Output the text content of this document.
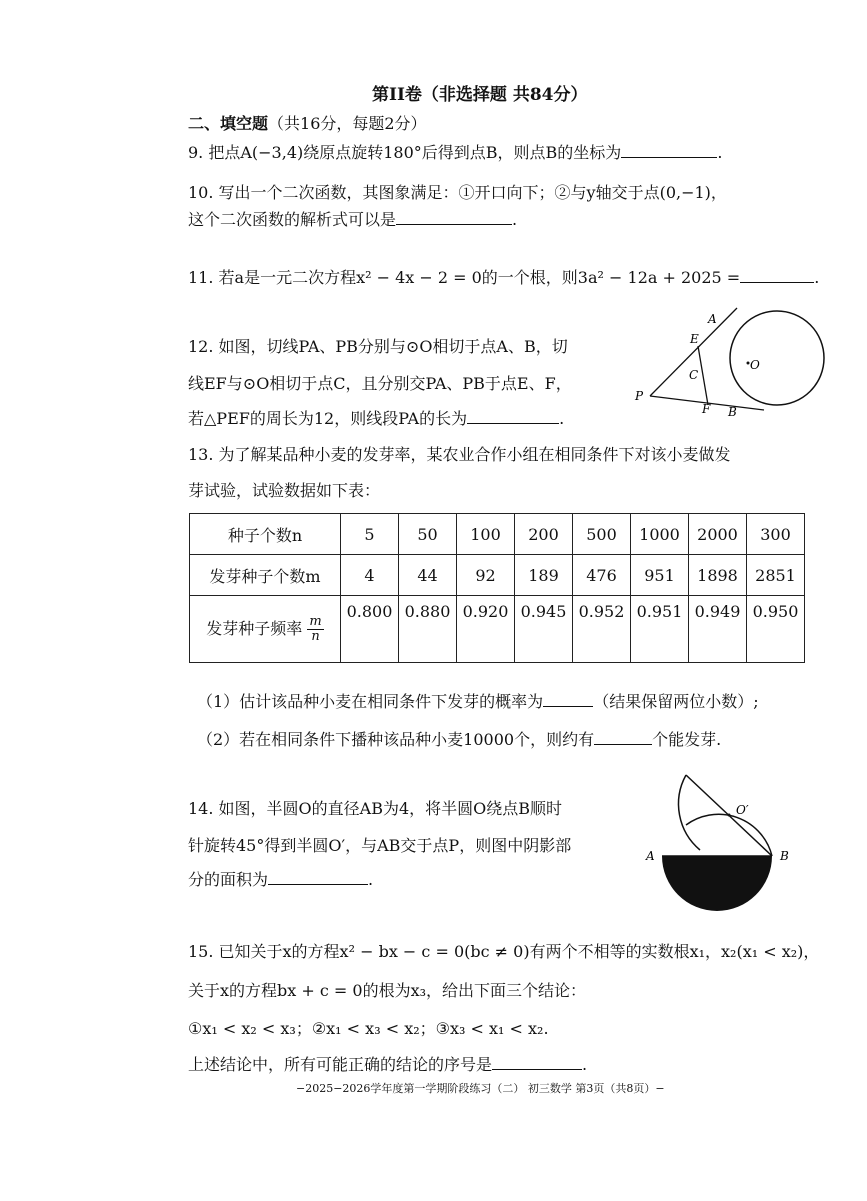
第II卷（非选择题 共84分）
二、填空题（共16分，每题2分）
9. 把点A(−3,4)绕原点旋转180°后得到点B，则点B的坐标为	.
10. 写出一个二次函数，其图象满足：①开口向下；②与y轴交于点(0,−1)，
这个二次函数的解析式可以是	.
11. 若a是一元二次方程x² − 4x − 2 = 0的一个根，则3a² − 12a + 2025 =	.
12. 如图，切线PA、PB分别与⊙O相切于点A、B，切
线EF与⊙O相切于点C，且分别交PA、PB于点E、F，
若△PEF的周长为12，则线段PA的长为	.
A
E
O
C
P
F B
13. 为了解某品种小麦的发芽率，某农业合作小组在相同条件下对该小麦做发
芽试验，试验数据如下表：
种子个数n	5	50	100	200	500	1000	2000	300
发芽种子个数m	4	44	92	189	476	951	1898	2851
发芽种子频率 $\frac{m}{n}$	0.800	0.880	0.920	0.945	0.952	0.951	0.949	0.950
（1）估计该品种小麦在相同条件下发芽的概率为	（结果保留两位小数）;
（2）若在相同条件下播种该品种小麦10000个，则约有	个能发芽.
14. 如图，半圆O的直径AB为4，将半圆O绕点B顺时
针旋转45°得到半圆O′，与AB交于点P，则图中阴影部
分的面积为	.
O′
A	B
15. 已知关于x的方程x² − bx − c = 0(bc ≠ 0)有两个不相等的实数根x₁，x₂(x₁ < x₂)，
关于x的方程bx + c = 0的根为x₃，给出下面三个结论：
①x₁ < x₂ < x₃；②x₁ < x₃ < x₂；③x₃ < x₁ < x₂.
上述结论中，所有可能正确的结论的序号是	.
−2025−2026学年度第一学期阶段练习（二） 初三数学 第3页（共8页）−
